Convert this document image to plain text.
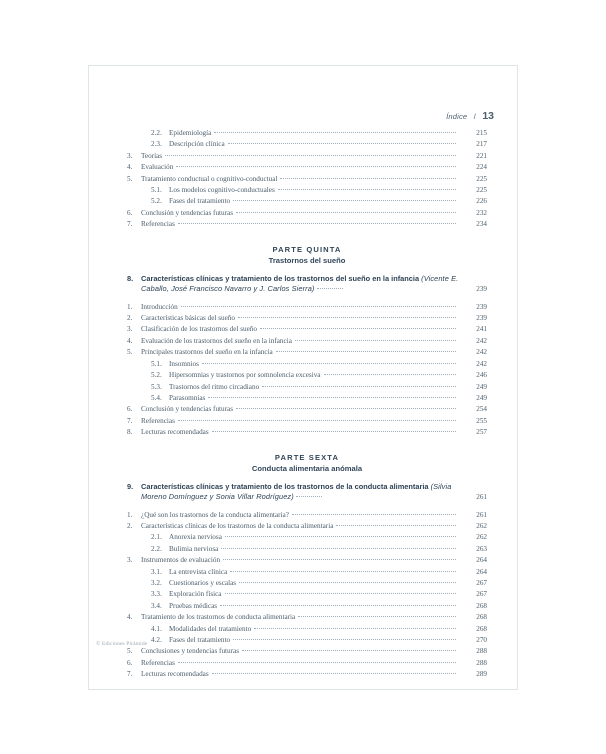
Índice / 13
2.2.	Epidemiología	215
2.3.	Descripción clínica	217
3.	Teorías	221
4.	Evaluación	224
5.	Tratamiento conductual o cognitivo-conductual	225
5.1.	Los modelos cognitivo-conductuales	225
5.2.	Fases del tratamiento	226
6.	Conclusión y tendencias futuras	232
7.	Referencias	234
PARTE QUINTA
Trastornos del sueño
8.	Características clínicas y tratamiento de los trastornos del sueño en la infancia (Vicente E. Caballo, José Francisco Navarro y J. Carlos Sierra)	239
1.	Introducción	239
2.	Características básicas del sueño	239
3.	Clasificación de los trastornos del sueño	241
4.	Evaluación de los trastornos del sueño en la infancia	242
5.	Principales trastornos del sueño en la infancia	242
5.1.	Insomnios	242
5.2.	Hipersomnias y trastornos por somnolencia excesiva	246
5.3.	Trastornos del ritmo circadiano	249
5.4.	Parasomnias	249
6.	Conclusión y tendencias futuras	254
7.	Referencias	255
8.	Lecturas recomendadas	257
PARTE SEXTA
Conducta alimentaria anómala
9.	Características clínicas y tratamiento de los trastornos de la conducta alimentaria (Silvia Moreno Domínguez y Sonia Villar Rodríguez)	261
1.	¿Qué son los trastornos de la conducta alimentaria?	261
2.	Características clínicas de los trastornos de la conducta alimentaria	262
2.1.	Anorexia nerviosa	262
2.2.	Bulimia nerviosa	263
3.	Instrumentos de evaluación	264
3.1.	La entrevista clínica	264
3.2.	Cuestionarios y escalas	267
3.3.	Exploración física	267
3.4.	Pruebas médicas	268
4.	Tratamiento de los trastornos de conducta alimentaria	268
4.1.	Modalidades del tratamiento	268
4.2.	Fases del tratamiento	270
5.	Conclusiones y tendencias futuras	288
6.	Referencias	288
7.	Lecturas recomendadas	289
© Ediciones Pirámide
